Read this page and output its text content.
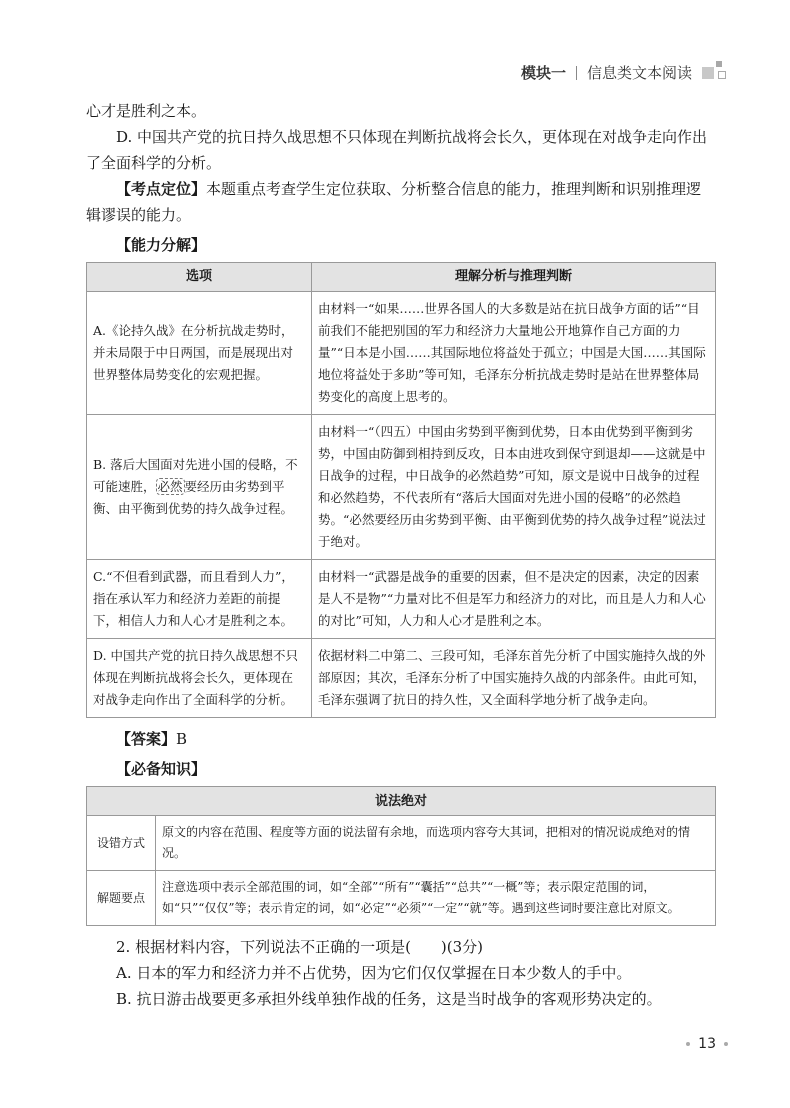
模块一 信息类文本阅读

心才是胜利之本。

D. 中国共产党的抗日持久战思想不只体现在判断抗战将会长久，更体现在对战争走向作出了全面科学的分析。

【考点定位】本题重点考查学生定位获取、分析整合信息的能力，推理判断和识别推理逻辑谬误的能力。

【能力分解】

选项	理解分析与推理判断
A.《论持久战》在分析抗战走势时，并未局限于中日两国，而是展现出对世界整体局势变化的宏观把握。	由材料一“如果……世界各国人的大多数是站在抗日战争方面的话”“目前我们不能把别国的军力和经济力大量地公开地算作自己方面的力量”“日本是小国……其国际地位将益处于孤立；中国是大国……其国际地位将益处于多助”等可知，毛泽东分析抗战走势时是站在世界整体局势变化的高度上思考的。
B. 落后大国面对先进小国的侵略，不可能速胜， 必然 要经历由劣势到平衡、由平衡到优势的持久战争过程。	由材料一“（四五）中国由劣势到平衡到优势，日本由优势到平衡到劣势，中国由防御到相持到反攻，日本由进攻到保守到退却——这就是中日战争的过程，中日战争的必然趋势”可知，原文是说中日战争的过程和必然趋势，不代表所有“落后大国面对先进小国的侵略”的必然趋势。“必然要经历由劣势到平衡、由平衡到优势的持久战争过程”说法过于绝对。
C.“不但看到武器，而且看到人力”，指在承认军力和经济力差距的前提下，相信人力和人心才是胜利之本。	由材料一“武器是战争的重要的因素，但不是决定的因素，决定的因素是人不是物”“力量对比不但是军力和经济力的对比，而且是人力和人心的对比”可知，人力和人心才是胜利之本。
D. 中国共产党的抗日持久战思想不只体现在判断抗战将会长久，更体现在对战争走向作出了全面科学的分析。	依据材料二中第二、三段可知，毛泽东首先分析了中国实施持久战的外部原因；其次，毛泽东分析了中国实施持久战的内部条件。由此可知，毛泽东强调了抗日的持久性，又全面科学地分析了战争走向。

【答案】B

【必备知识】

说法绝对	
设错方式	原文的内容在范围、程度等方面的说法留有余地，而选项内容夸大其词，把相对的情况说成绝对的情况。
解题要点	注意选项中表示全部范围的词，如“全部”“所有”“囊括”“总共”“一概”等；表示限定范围的词，如“只”“仅仅”等；表示肯定的词，如“必定”“必须”“一定”“就”等。遇到这些词时要注意比对原文。

2. 根据材料内容，下列说法不正确的一项是(　　)(3分)

A. 日本的军力和经济力并不占优势，因为它们仅仅掌握在日本少数人的手中。

B. 抗日游击战要更多承担外线单独作战的任务，这是当时战争的客观形势决定的。

13
